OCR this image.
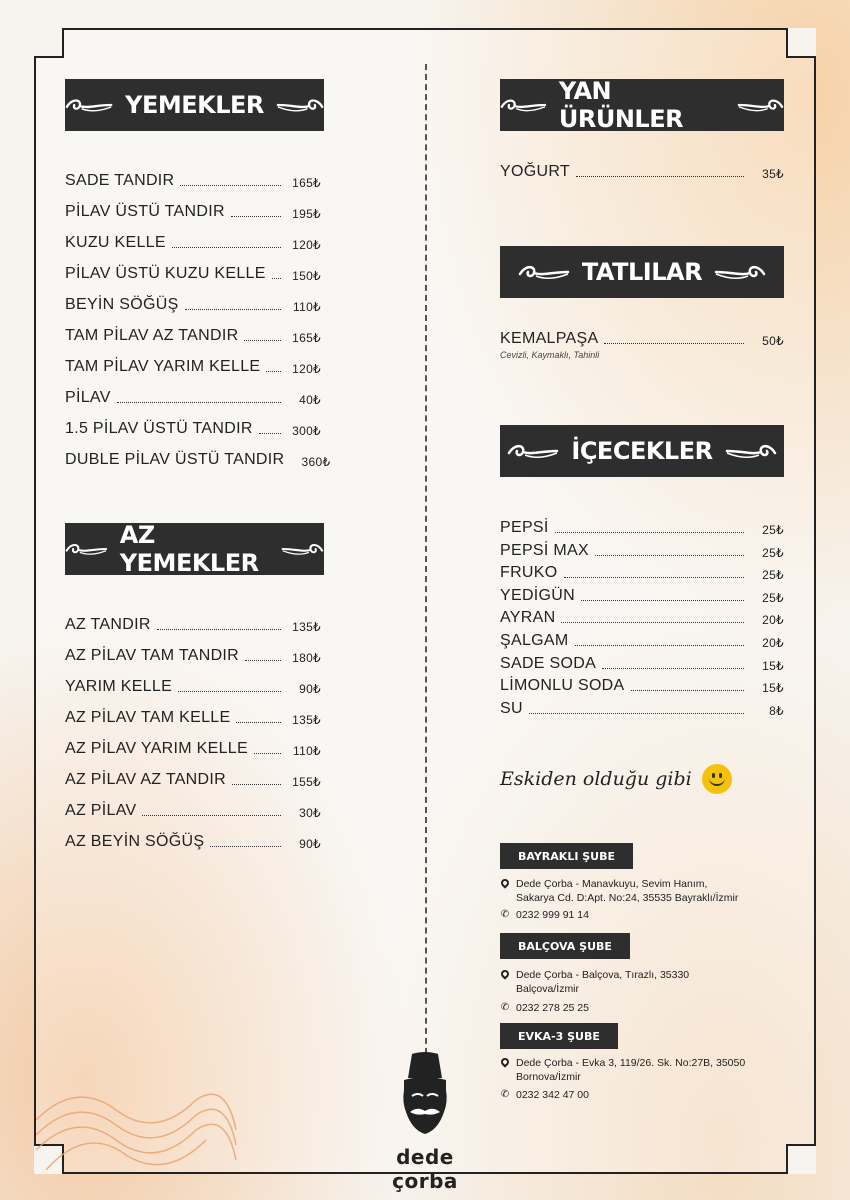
YEMEKLER
SADE TANDIR	165₺
PİLAV ÜSTÜ TANDIR	195₺
KUZU KELLE	120₺
PİLAV ÜSTÜ KUZU KELLE 150₺
BEYİN SÖĞÜŞ	110₺
TAM PİLAV AZ TANDIR	165₺
TAM PİLAV YARIM KELLE	120₺
PİLAV	40₺
1.5 PİLAV ÜSTÜ TANDIR	300₺
DUBLE PİLAV ÜSTÜ TANDIR 360₺
AZ YEMEKLER
AZ TANDIR	135₺
AZ PİLAV TAM TANDIR	180₺
YARIM KELLE	90₺
AZ PİLAV TAM KELLE	135₺
AZ PİLAV YARIM KELLE	110₺
AZ PİLAV AZ TANDIR	155₺
AZ PİLAV	30₺
AZ BEYİN SÖĞÜŞ	90₺
YAN ÜRÜNLER
YOĞURT	35₺
TATLILAR
KEMALPAŞA	50₺
Cevizli, Kaymaklı, Tahinli
İÇECEKLER
PEPSİ	25₺
PEPSİ MAX	25₺
FRUKO	25₺
YEDİGÜN	25₺
AYRAN	20₺
ŞALGAM	20₺
SADE SODA	15₺
LİMONLU SODA	15₺
SU	8₺
Eskiden olduğu gibi
BAYRAKLI ŞUBE
Dede Çorba - Manavkuyu, Sevim Hanım,
Sakarya Cd. D:Apt. No:24, 35535 Bayraklı/İzmir
✆ 0232 999 91 14
BALÇOVA ŞUBE
Dede Çorba - Balçova, Tırazlı, 35330
Balçova/İzmir
✆ 0232 278 25 25
EVKA-3 ŞUBE
Dede Çorba - Evka 3, 119/26. Sk. No:27B, 35050
Bornova/İzmir
✆ 0232 342 47 00
dede çorba
